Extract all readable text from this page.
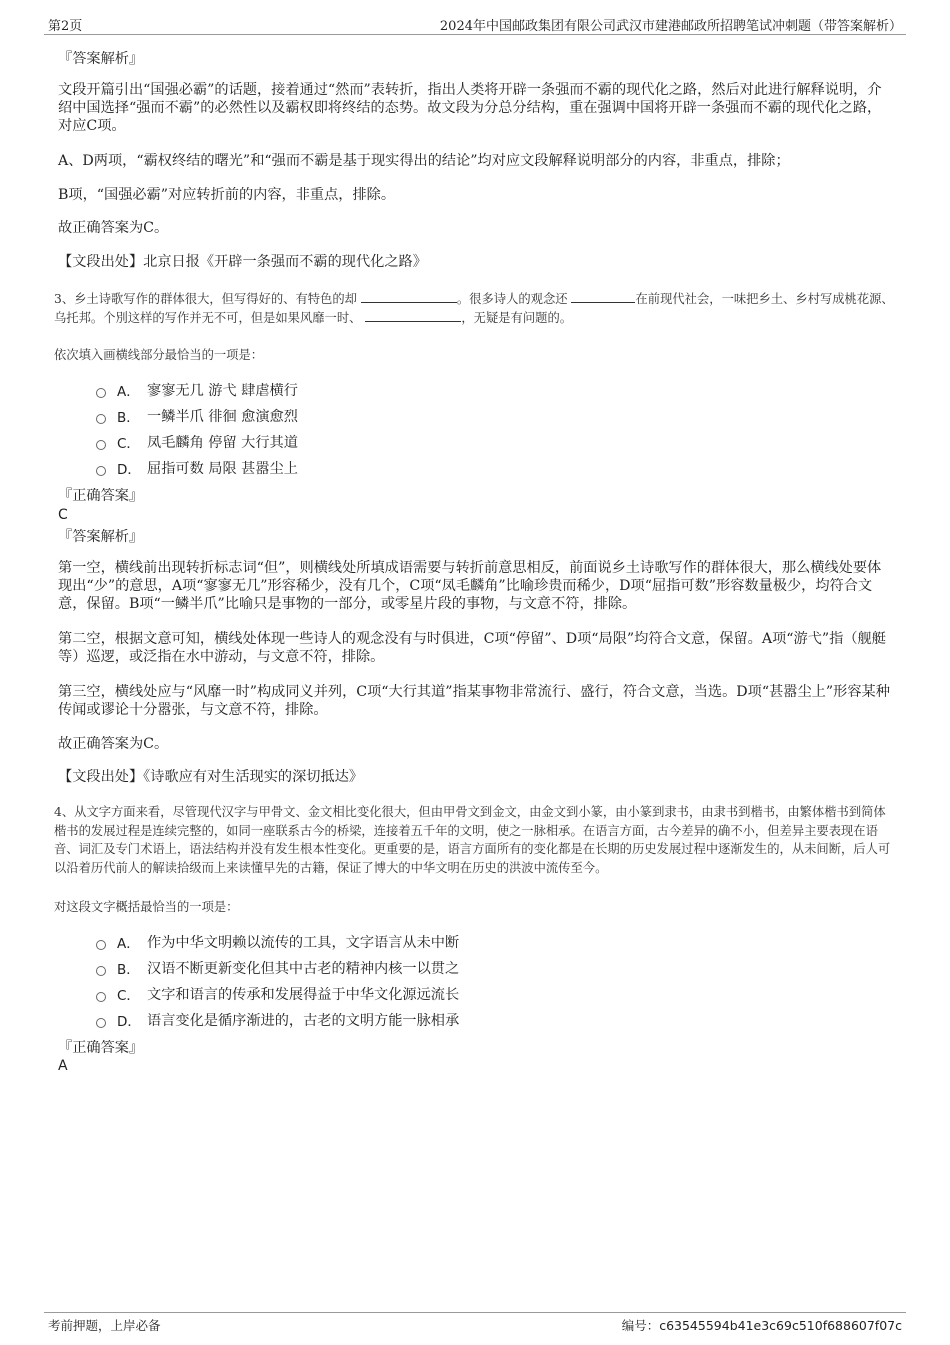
第2页	2024年中国邮政集团有限公司武汉市建港邮政所招聘笔试冲刺题（带答案解析）
『答案解析』
文段开篇引出“国强必霸”的话题，接着通过“然而”表转折，指出人类将开辟一条强而不霸的现代化之路，然后对此进行解释说明，介绍中国选择“强而不霸”的必然性以及霸权即将终结的态势。故文段为分总分结构，重在强调中国将开辟一条强而不霸的现代化之路，对应C项。
A、D两项，“霸权终结的曙光”和“强而不霸是基于现实得出的结论”均对应文段解释说明部分的内容，非重点，排除；
B项，“国强必霸”对应转折前的内容，非重点，排除。
故正确答案为C。
【文段出处】北京日报《开辟一条强而不霸的现代化之路》
3、乡土诗歌写作的群体很大，但写得好的、有特色的却	。很多诗人的观念还	在前现代社会，一味把乡土、乡村写成桃花源、乌托邦。个別这样的写作并无不可，但是如果风靡一时、	，无疑是有问题的。
依次填入画横线部分最恰当的一项是：
A． 寥寥无几 游弋 肆虐横行
B． 一鳞半爪 徘徊 愈演愈烈
C． 凤毛麟角 停留 大行其道
D． 屈指可数 局限 甚嚣尘上
『正确答案』
C
『答案解析』
第一空，横线前出现转折标志词“但”，则横线处所填成语需要与转折前意思相反，前面说乡土诗歌写作的群体很大，那么横线处要体现出“少”的意思，A项“寥寥无几”形容稀少，没有几个，C项“凤毛麟角”比喻珍贵而稀少，D项“屈指可数”形容数量极少，均符合文意，保留。B项“一鳞半爪”比喻只是事物的一部分，或零星片段的事物，与文意不符，排除。
第二空，根据文意可知，横线处体现一些诗人的观念没有与时俱进，C项“停留”、D项“局限”均符合文意，保留。A项“游弋”指（舰艇等）巡逻，或泛指在水中游动，与文意不符，排除。
第三空，横线处应与“风靡一时”构成同义并列，C项“大行其道”指某事物非常流行、盛行，符合文意，当选。D项“甚嚣尘上”形容某种传闻或谬论十分嚣张，与文意不符，排除。
故正确答案为C。
【文段出处】《诗歌应有对生活现实的深切抵达》
4、从文字方面来看，尽管现代汉字与甲骨文、金文相比变化很大，但由甲骨文到金文，由金文到小篆，由小篆到隶书，由隶书到楷书，由繁体楷书到简体楷书的发展过程是连续完整的，如同一座联系古今的桥梁，连接着五千年的文明，使之一脉相承。在语言方面，古今差异的确不小，但差异主要表现在语音、词汇及专门术语上，语法结构并没有发生根本性变化。更重要的是，语言方面所有的变化都是在长期的历史发展过程中逐渐发生的，从未间断，后人可以沿着历代前人的解读拾级而上来读懂早先的古籍，保证了博大的中华文明在历史的洪波中流传至今。
对这段文字概括最恰当的一项是：
A． 作为中华文明赖以流传的工具，文字语言从未中断
B． 汉语不断更新变化但其中古老的精神内核一以贯之
C． 文字和语言的传承和发展得益于中华文化源远流长
D． 语言变化是循序渐进的，古老的文明方能一脉相承
『正确答案』
A
考前押题，上岸必备	编号：c63545594b41e3c69c510f688607f07c
